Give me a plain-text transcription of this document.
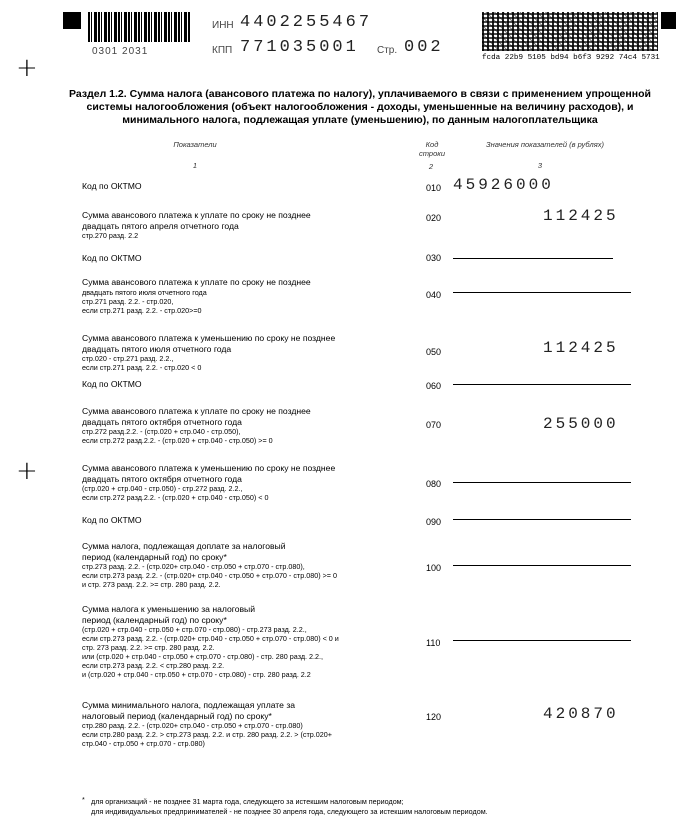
0301 2031
ИНН 4402255467
КПП 771035001 Стр. 002
fcda 22b9 5105 bd94 b6f3 9292 74c4 5731
+
+
Раздел 1.2. Сумма налога (авансового платежа по налогу), уплачиваемого в связи с применением упрощенной
системы налогообложения (объект налогообложения - доходы, уменьшенные на величину расходов), и
минимального налога, подлежащая уплате (уменьшению), по данным налогоплательщика
Показатели	Код
строки
Значения показателей (в рублях)
1	2	3
Код по ОКТМО	010 45926000
Сумма авансового платежа к уплате по сроку не позднее
двадцать пятого апреля отчетного года
стр.270 разд. 2.2
020	112425
Код по ОКТМО	030
Сумма авансового платежа к уплате по сроку не позднее
двадцать пятого июля отчетного года
стр.271 разд. 2.2. - стр.020,
если стр.271 разд. 2.2. - стр.020>=0
040
Сумма авансового платежа к уменьшению по сроку не позднее
двадцать пятого июля отчетного года
стр.020 - стр.271 разд. 2.2.,
если стр.271 разд. 2.2. - стр.020 < 0
050	112425
Код по ОКТМО	060
Сумма авансового платежа к уплате по сроку не позднее
двадцать пятого октября отчетного года
стр.272 разд.2.2. - (стр.020 + стр.040 - стр.050),
если стр.272 разд.2.2. - (стр.020 + стр.040 - стр.050) >= 0
070	255000
Сумма авансового платежа к уменьшению по сроку не позднее
двадцать пятого октября отчетного года
(стр.020 + стр.040 - стр.050) - стр.272 разд. 2.2.,
если стр.272 разд.2.2. - (стр.020 + стр.040 - стр.050) < 0
080
Код по ОКТМО	090
Сумма налога, подлежащая доплате за налоговый
период (календарный год) по сроку*
стр.273 разд. 2.2. - (стр.020+ стр.040 - стр.050 + стр.070 - стр.080),
если стр.273 разд. 2.2. - (стр.020+ стр.040 - стр.050 + стр.070 - стр.080) >= 0
и стр. 273 разд. 2.2. >= стр. 280 разд. 2.2.
100
Сумма налога к уменьшению за налоговый
период (календарный год) по сроку*
(стр.020 + стр.040 - стр.050 + стр.070 - стр.080) - стр.273 разд. 2.2.,
если стр.273 разд. 2.2. - (стр.020+ стр.040 - стр.050 + стр.070 - стр.080) < 0 и
стр. 273 разд. 2.2. >= стр. 280 разд. 2.2.
или (стр.020 + стр.040 - стр.050 + стр.070 - стр.080) - стр. 280 разд. 2.2.,
если стр.273 разд. 2.2. < стр.280 разд. 2.2.
и (стр.020 + стр.040 - стр.050 + стр.070 - стр.080) - стр. 280 разд. 2.2
110
Сумма минимального налога, подлежащая уплате за
налоговый период (календарный год) по сроку*
стр.280 разд. 2.2. - (стр.020+ стр.040 - стр.050 + стр.070 - стр.080)
если стр.280 разд. 2.2. > стр.273 разд. 2.2. и стр. 280 разд. 2.2. > (стр.020+
стр.040 - стр.050 + стр.070 - стр.080)
120	420870
* для организаций - не позднее 31 марта года, следующего за истекшим налоговым периодом;
для индивидуальных предпринимателей - не позднее 30 апреля года, следующего за истекшим налоговым периодом.
